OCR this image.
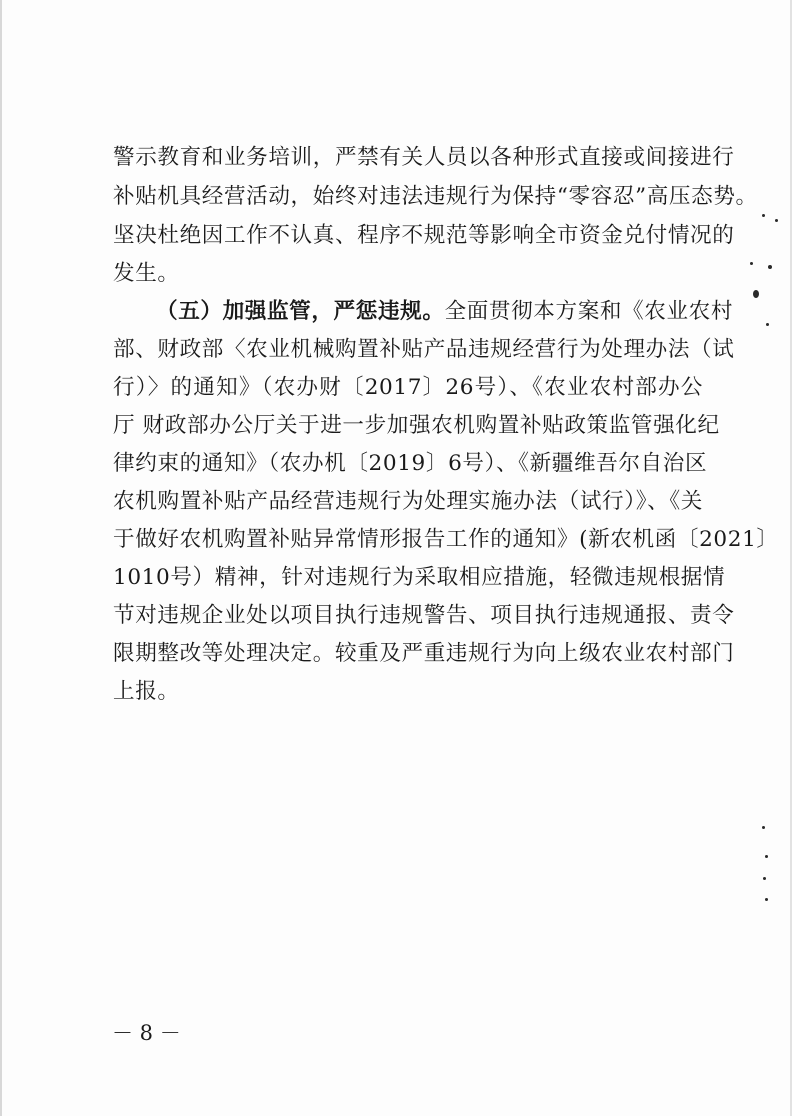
警示教育和业务培训，严禁有关人员以各种形式直接或间接进行
补贴机具经营活动，始终对违法违规行为保持“零容忍”高压态势。
坚决杜绝因工作不认真、程序不规范等影响全市资金兑付情况的
发生。
（五）加强监管，严惩违规。全面贯彻本方案和《农业农村
部、财政部〈农业机械购置补贴产品违规经营行为处理办法（试
行）〉的通知》（农办财〔2017〕26号）、《农业农村部办公
厅 财政部办公厅关于进一步加强农机购置补贴政策监管强化纪
律约束的通知》（农办机〔2019〕6号）、《新疆维吾尔自治区
农机购置补贴产品经营违规行为处理实施办法（试行）》、《关
于做好农机购置补贴异常情形报告工作的通知》(新农机函〔2021〕
1010号）精神，针对违规行为采取相应措施，轻微违规根据情
节对违规企业处以项目执行违规警告、项目执行违规通报、责令
限期整改等处理决定。较重及严重违规行为向上级农业农村部门
上报。
－ 8 －
